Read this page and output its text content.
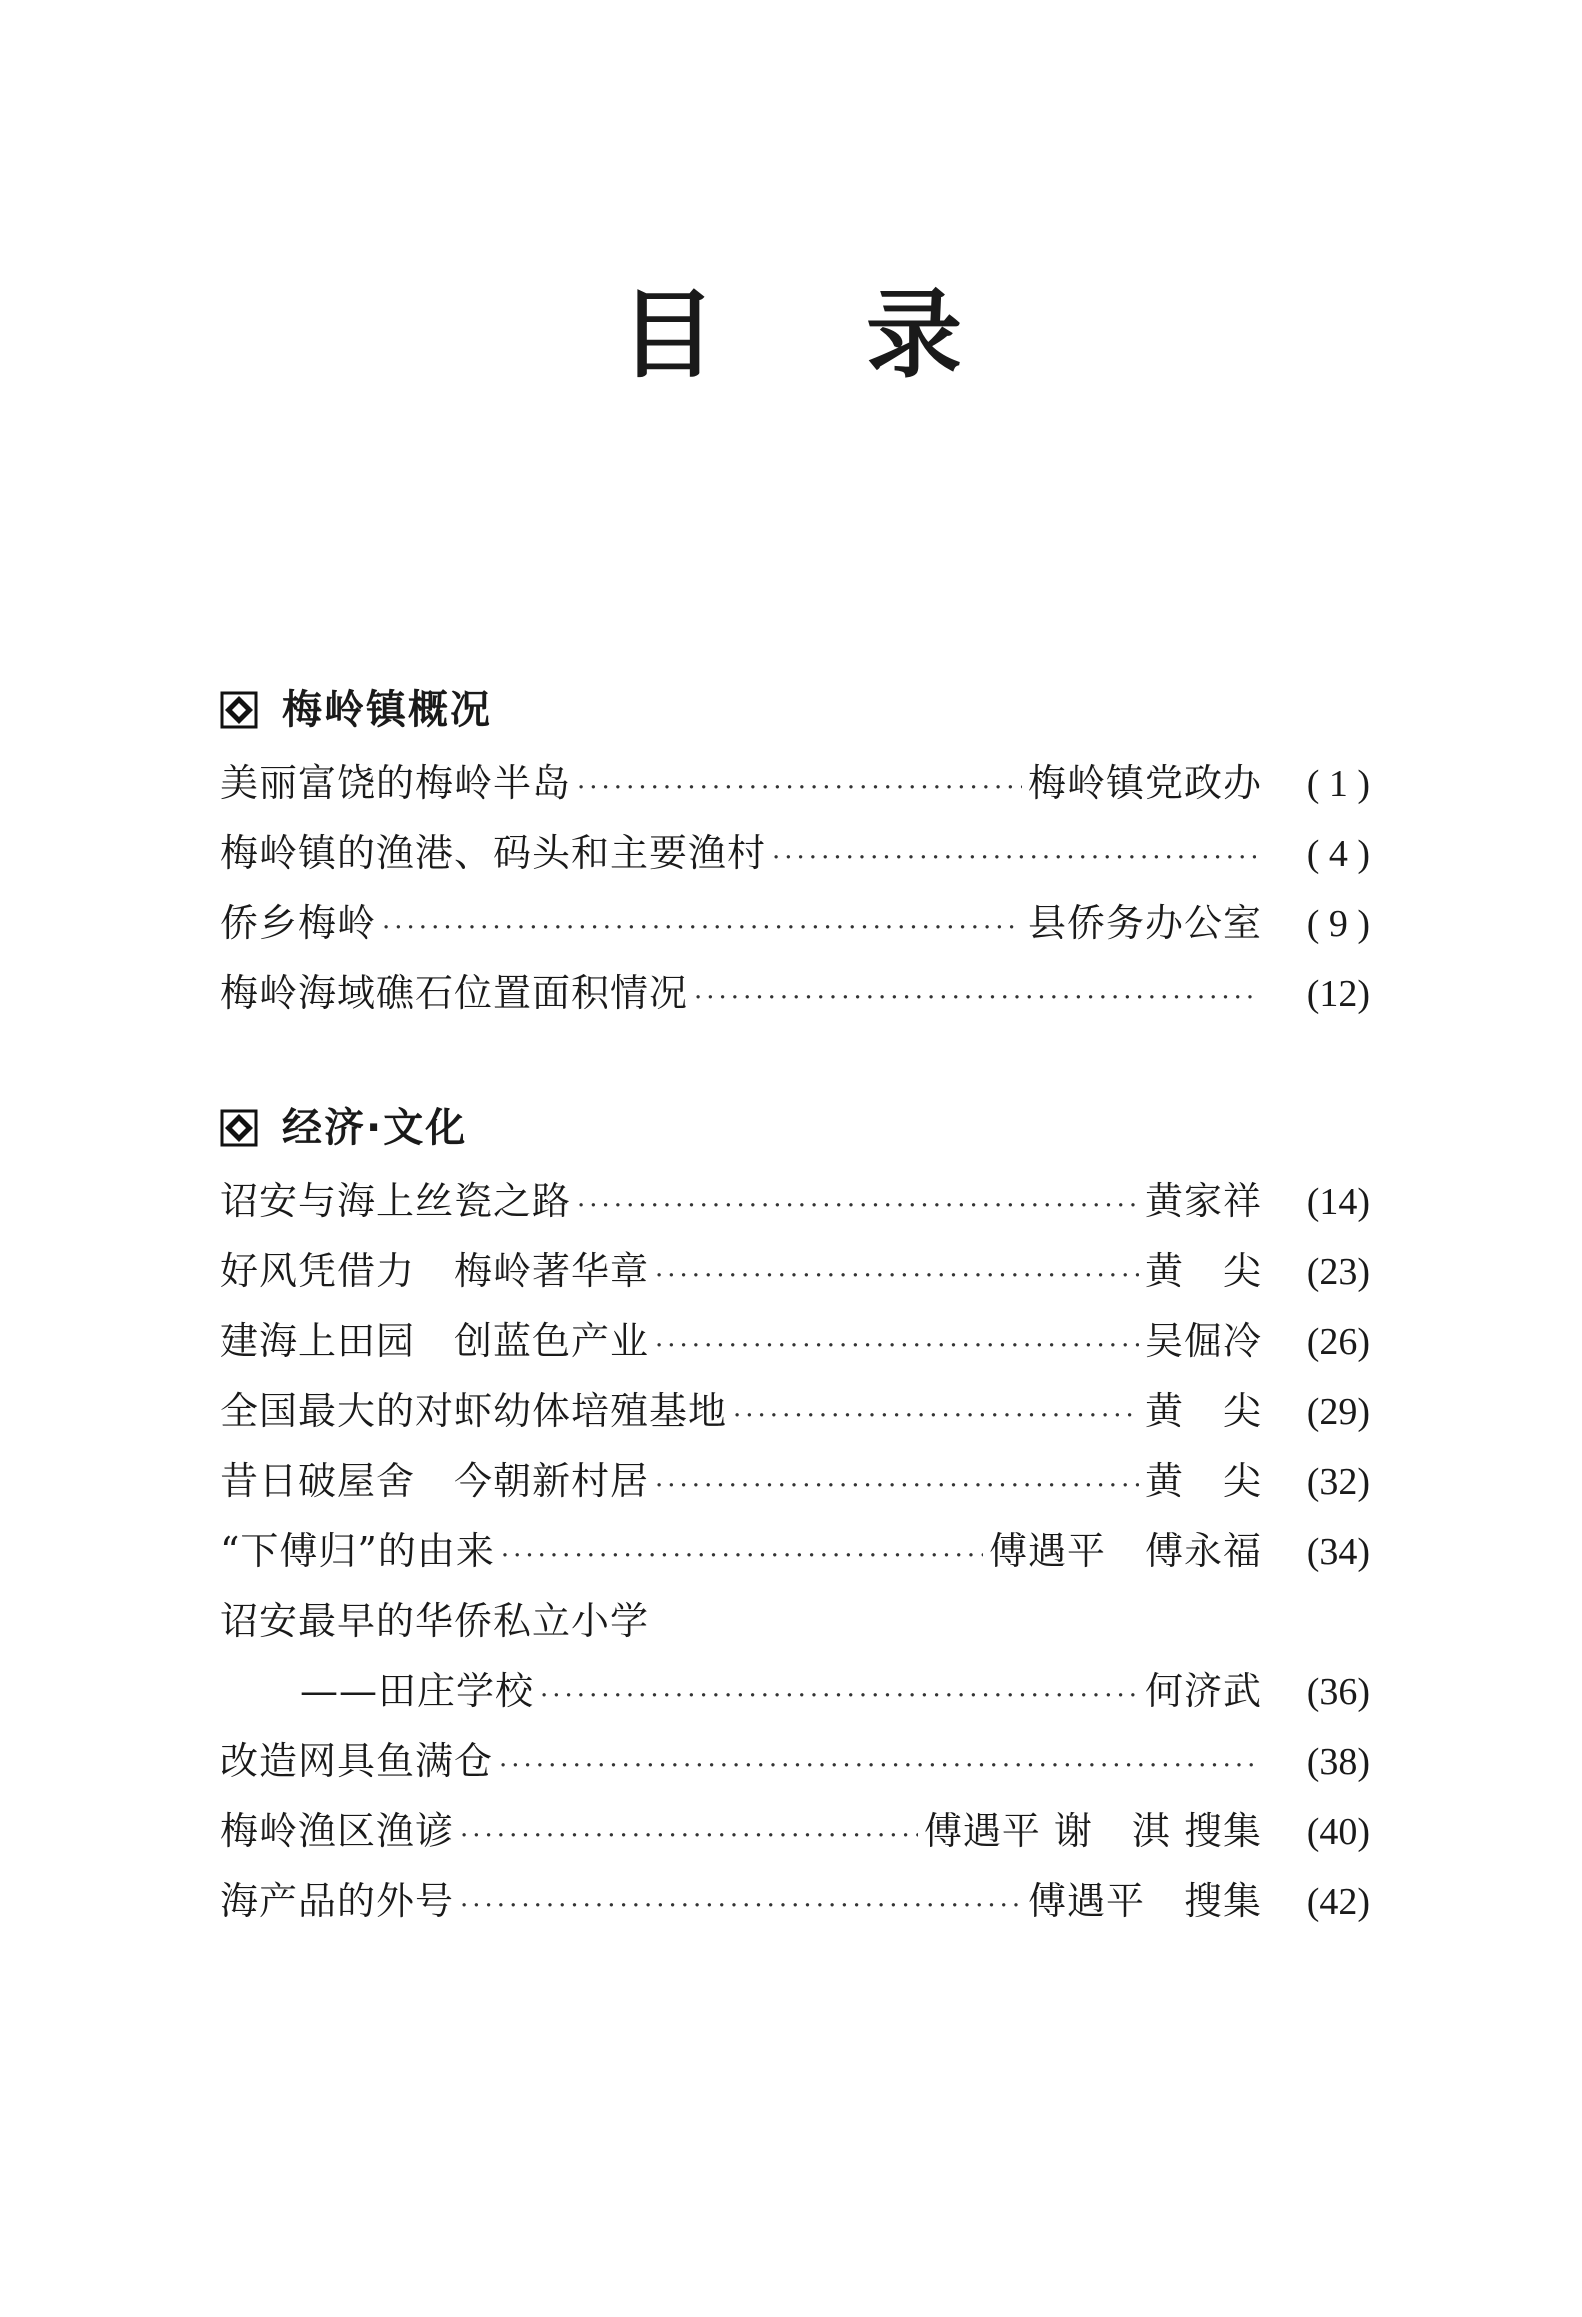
目 录
梅岭镇概况
美丽富饶的梅岭半岛 ·····	梅岭镇党政办	( 1 )
梅岭镇的渔港、码头和主要渔村 ·····	( 4 )
侨乡梅岭 ·····	县侨务办公室	( 9 )
梅岭海域礁石位置面积情况 ·····	(12)
经济·文化
诏安与海上丝瓷之路 ·····	黄家祥	(14)
好风凭借力　梅岭著华章 ·····	黄　尖	(23)
建海上田园　创蓝色产业 ·····	吴倔冷	(26)
全国最大的对虾幼体培殖基地 ·····	黄　尖	(29)
昔日破屋舍　今朝新村居 ·····	黄　尖	(32)
“下傅归”的由来 ·····	傅遇平　傅永福	(34)
诏安最早的华侨私立小学
——田庄学校 ·····	何济武	(36)
改造网具鱼满仓 ·····	(38)
梅岭渔区渔谚 ·····	傅遇平 谢　淇 搜集	(40)
海产品的外号 ·····	傅遇平　搜集	(42)
